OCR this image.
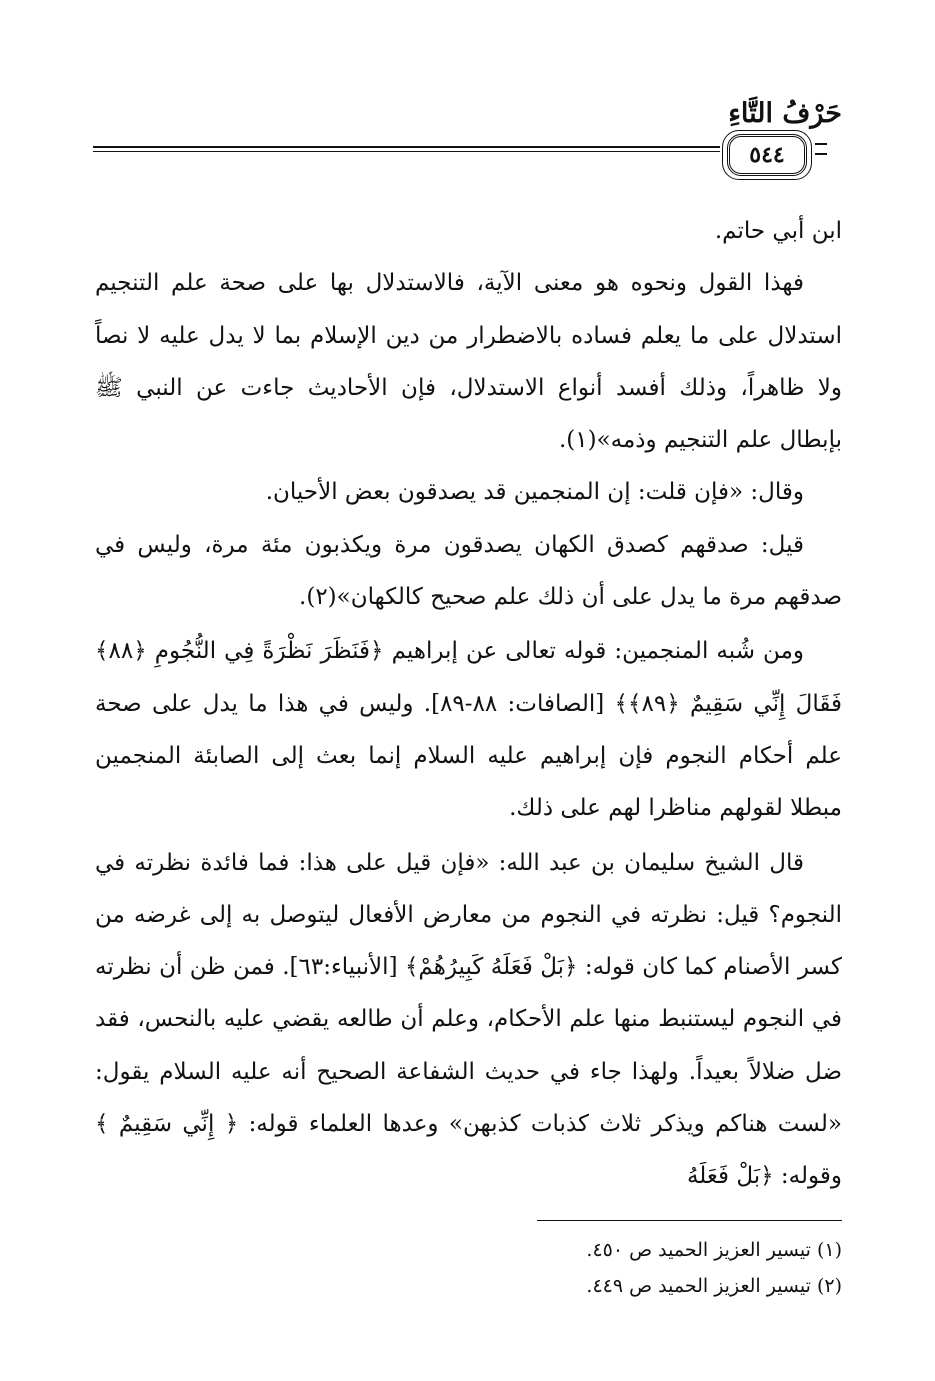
حَرْفُ التَّاءِ
٥٤٤

ابن أبي حاتم.

فهذا القول ونحوه هو معنى الآية، فالاستدلال بها على صحة علم التنجيم استدلال على ما يعلم فساده بالاضطرار من دين الإسلام بما لا يدل عليه لا نصاً ولا ظاهراً، وذلك أفسد أنواع الاستدلال، فإن الأحاديث جاءت عن النبي ﷺ بإبطال علم التنجيم وذمه»(١).

وقال: «فإن قلت: إن المنجمين قد يصدقون بعض الأحيان.

قيل: صدقهم كصدق الكهان يصدقون مرة ويكذبون مئة مرة، وليس في صدقهم مرة ما يدل على أن ذلك علم صحيح كالكهان»(٢).

ومن شُبه المنجمين: قوله تعالى عن إبراهيم ﴿فَنَظَرَ نَظْرَةً فِي النُّجُومِ ﴿٨٨﴾ فَقَالَ إِنِّي سَقِيمٌ ﴿٨٩﴾﴾ [الصافات: ٨٨-٨٩]. وليس في هذا ما يدل على صحة علم أحكام النجوم فإن إبراهيم عليه السلام إنما بعث إلى الصابئة المنجمين مبطلا لقولهم مناظرا لهم على ذلك.

قال الشيخ سليمان بن عبد الله: «فإن قيل على هذا: فما فائدة نظرته في النجوم؟ قيل: نظرته في النجوم من معارض الأفعال ليتوصل به إلى غرضه من كسر الأصنام كما كان قوله: ﴿بَلْ فَعَلَهُ كَبِيرُهُمْ﴾ [الأنبياء:٦٣]. فمن ظن أن نظرته في النجوم ليستنبط منها علم الأحكام، وعلم أن طالعه يقضي عليه بالنحس، فقد ضل ضلالاً بعيداً. ولهذا جاء في حديث الشفاعة الصحيح أنه عليه السلام يقول: «لست هناكم ويذكر ثلاث كذبات كذبهن» وعدها العلماء قوله: ﴿ إِنِّي سَقِيمٌ ﴾ وقوله: ﴿بَلْ فَعَلَهُ

(١) تيسير العزيز الحميد ص ٤٥٠.
(٢) تيسير العزيز الحميد ص ٤٤٩.
